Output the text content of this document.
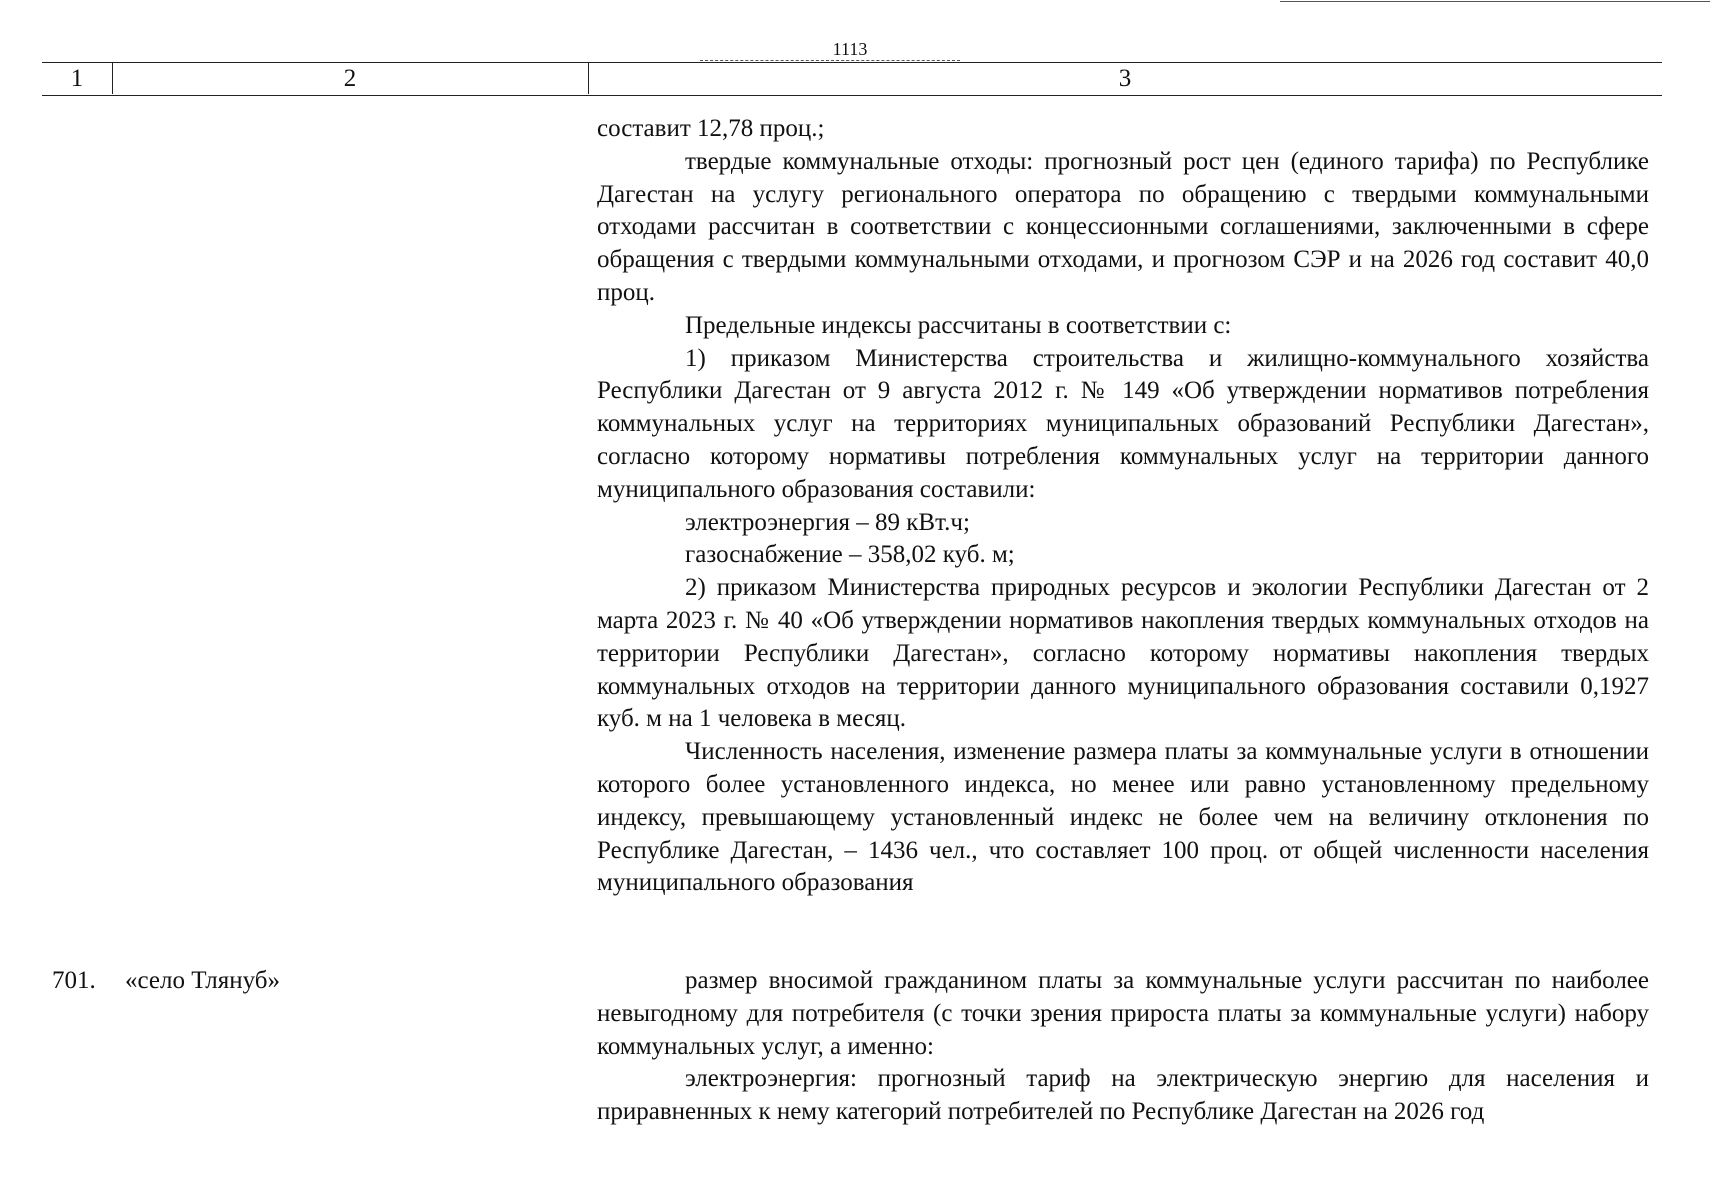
1113
1	2	3

составит 12,78 проц.;

твердые коммунальные отходы: прогнозный рост цен (единого тарифа) по Республике Дагестан на услугу регионального оператора по обращению с твердыми коммунальными отходами рассчитан в соответствии с концессионными соглашениями, заключенными в сфере обращения с твердыми коммунальными отходами, и прогнозом СЭР и на 2026 год составит 40,0 проц.

Предельные индексы рассчитаны в соответствии с:

1) приказом Министерства строительства и жилищно-коммунального хозяйства Республики Дагестан от 9 августа 2012 г. № 149 «Об утверждении нормативов потребления коммунальных услуг на территориях муниципальных образований Республики Дагестан», согласно которому нормативы потребления коммунальных услуг на территории данного муниципального образования составили:

электроэнергия – 89 кВт.ч;

газоснабжение – 358,02 куб. м;

2) приказом Министерства природных ресурсов и экологии Республики Дагестан от 2 марта 2023 г. № 40 «Об утверждении нормативов накопления твердых коммунальных отходов на территории Республики Дагестан», согласно которому нормативы накопления твердых коммунальных отходов на территории данного муниципального образования составили 0,1927 куб. м на 1 человека в месяц.

Численность населения, изменение размера платы за коммунальные услуги в отношении которого более установленного индекса, но менее или равно установленному предельному индексу, превышающему установленный индекс не более чем на величину отклонения по Республике Дагестан, – 1436 чел., что составляет 100 проц. от общей численности населения муниципального образования

701. «село Тлянуб»	размер вносимой гражданином платы за коммунальные услуги рассчитан по наиболее невыгодному для потребителя (с точки зрения прироста платы за коммунальные услуги) набору коммунальных услуг, а именно:

электроэнергия: прогнозный тариф на электрическую энергию для населения и приравненных к нему категорий потребителей по Республике Дагестан на 2026 год
